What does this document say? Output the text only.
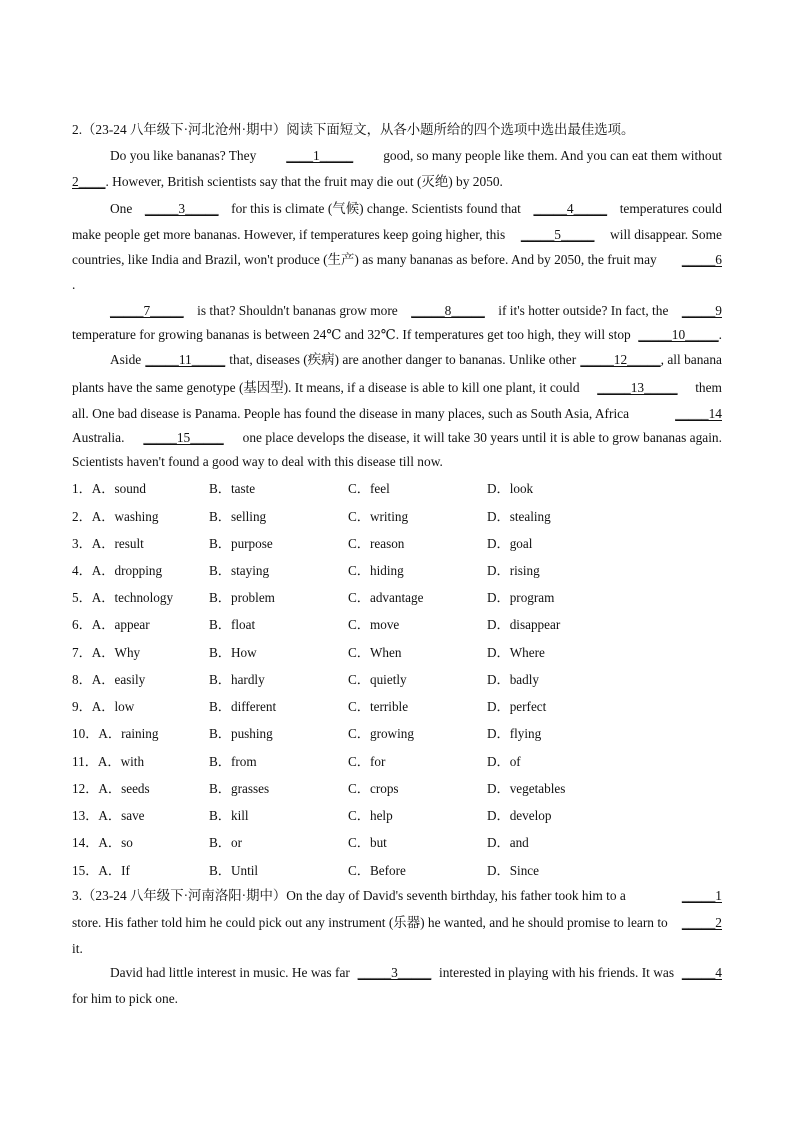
2.（23-24 八年级下·河北沧州·期中）阅读下面短文，从各小题所给的四个选项中选出最佳选项。
Do you like bananas? They ____1_____ good, so many people like them. And you can eat them without
2____. However, British scientists say that the fruit may die out (灭绝) by 2050.
One _____3_____ for this is climate (气候) change. Scientists found that _____4_____ temperatures could
make people get more bananas. However, if temperatures keep going higher, this _____5_____ will disappear. Some
countries, like India and Brazil, won't produce (生产) as many bananas as before. And by 2050, the fruit may _____6
.
_____7_____ is that? Shouldn't bananas grow more _____8_____ if it's hotter outside? In fact, the _____9
temperature for growing bananas is between 24℃ and 32℃. If temperatures get too high, they will stop _____10_____.
Aside _____11_____ that, diseases (疾病) are another danger to bananas. Unlike other _____12_____, all banana
plants have the same genotype (基因型). It means, if a disease is able to kill one plant, it could _____13_____ them
all. One bad disease is Panama. People has found the disease in many places, such as South Asia, Africa	_____14
Australia. _____15_____ one place develops the disease, it will take 30 years until it is able to grow bananas again.
Scientists haven't found a good way to deal with this disease till now.
1．A．sound	B．taste	C．feel	D．look
2．A．washing	B．selling	C．writing	D．stealing
3．A．result	B．purpose	C．reason	D．goal
4．A．dropping	B．staying	C．hiding	D．rising
5．A．technology	B．problem	C．advantage	D．program
6．A．appear	B．float	C．move	D．disappear
7．A．Why	B．How	C．When	D．Where
8．A．easily	B．hardly	C．quietly	D．badly
9．A．low	B．different	C．terrible	D．perfect
10．A．raining	B．pushing	C．growing	D．flying
11．A．with	B．from	C．for	D．of
12．A．seeds	B．grasses	C．crops	D．vegetables
13．A．save	B．kill	C．help	D．develop
14．A．so	B．or	C．but	D．and
15．A．If	B．Until	C．Before	D．Since
3.（23-24 八年级下·河南洛阳·期中）On the day of David's seventh birthday, his father took him to a	_____1
store. His father told him he could pick out any instrument (乐器) he wanted, and he should promise to learn to _____2
it.
David had little interest in music. He was far _____3_____ interested in playing with his friends. It was _____4
for him to pick one.
